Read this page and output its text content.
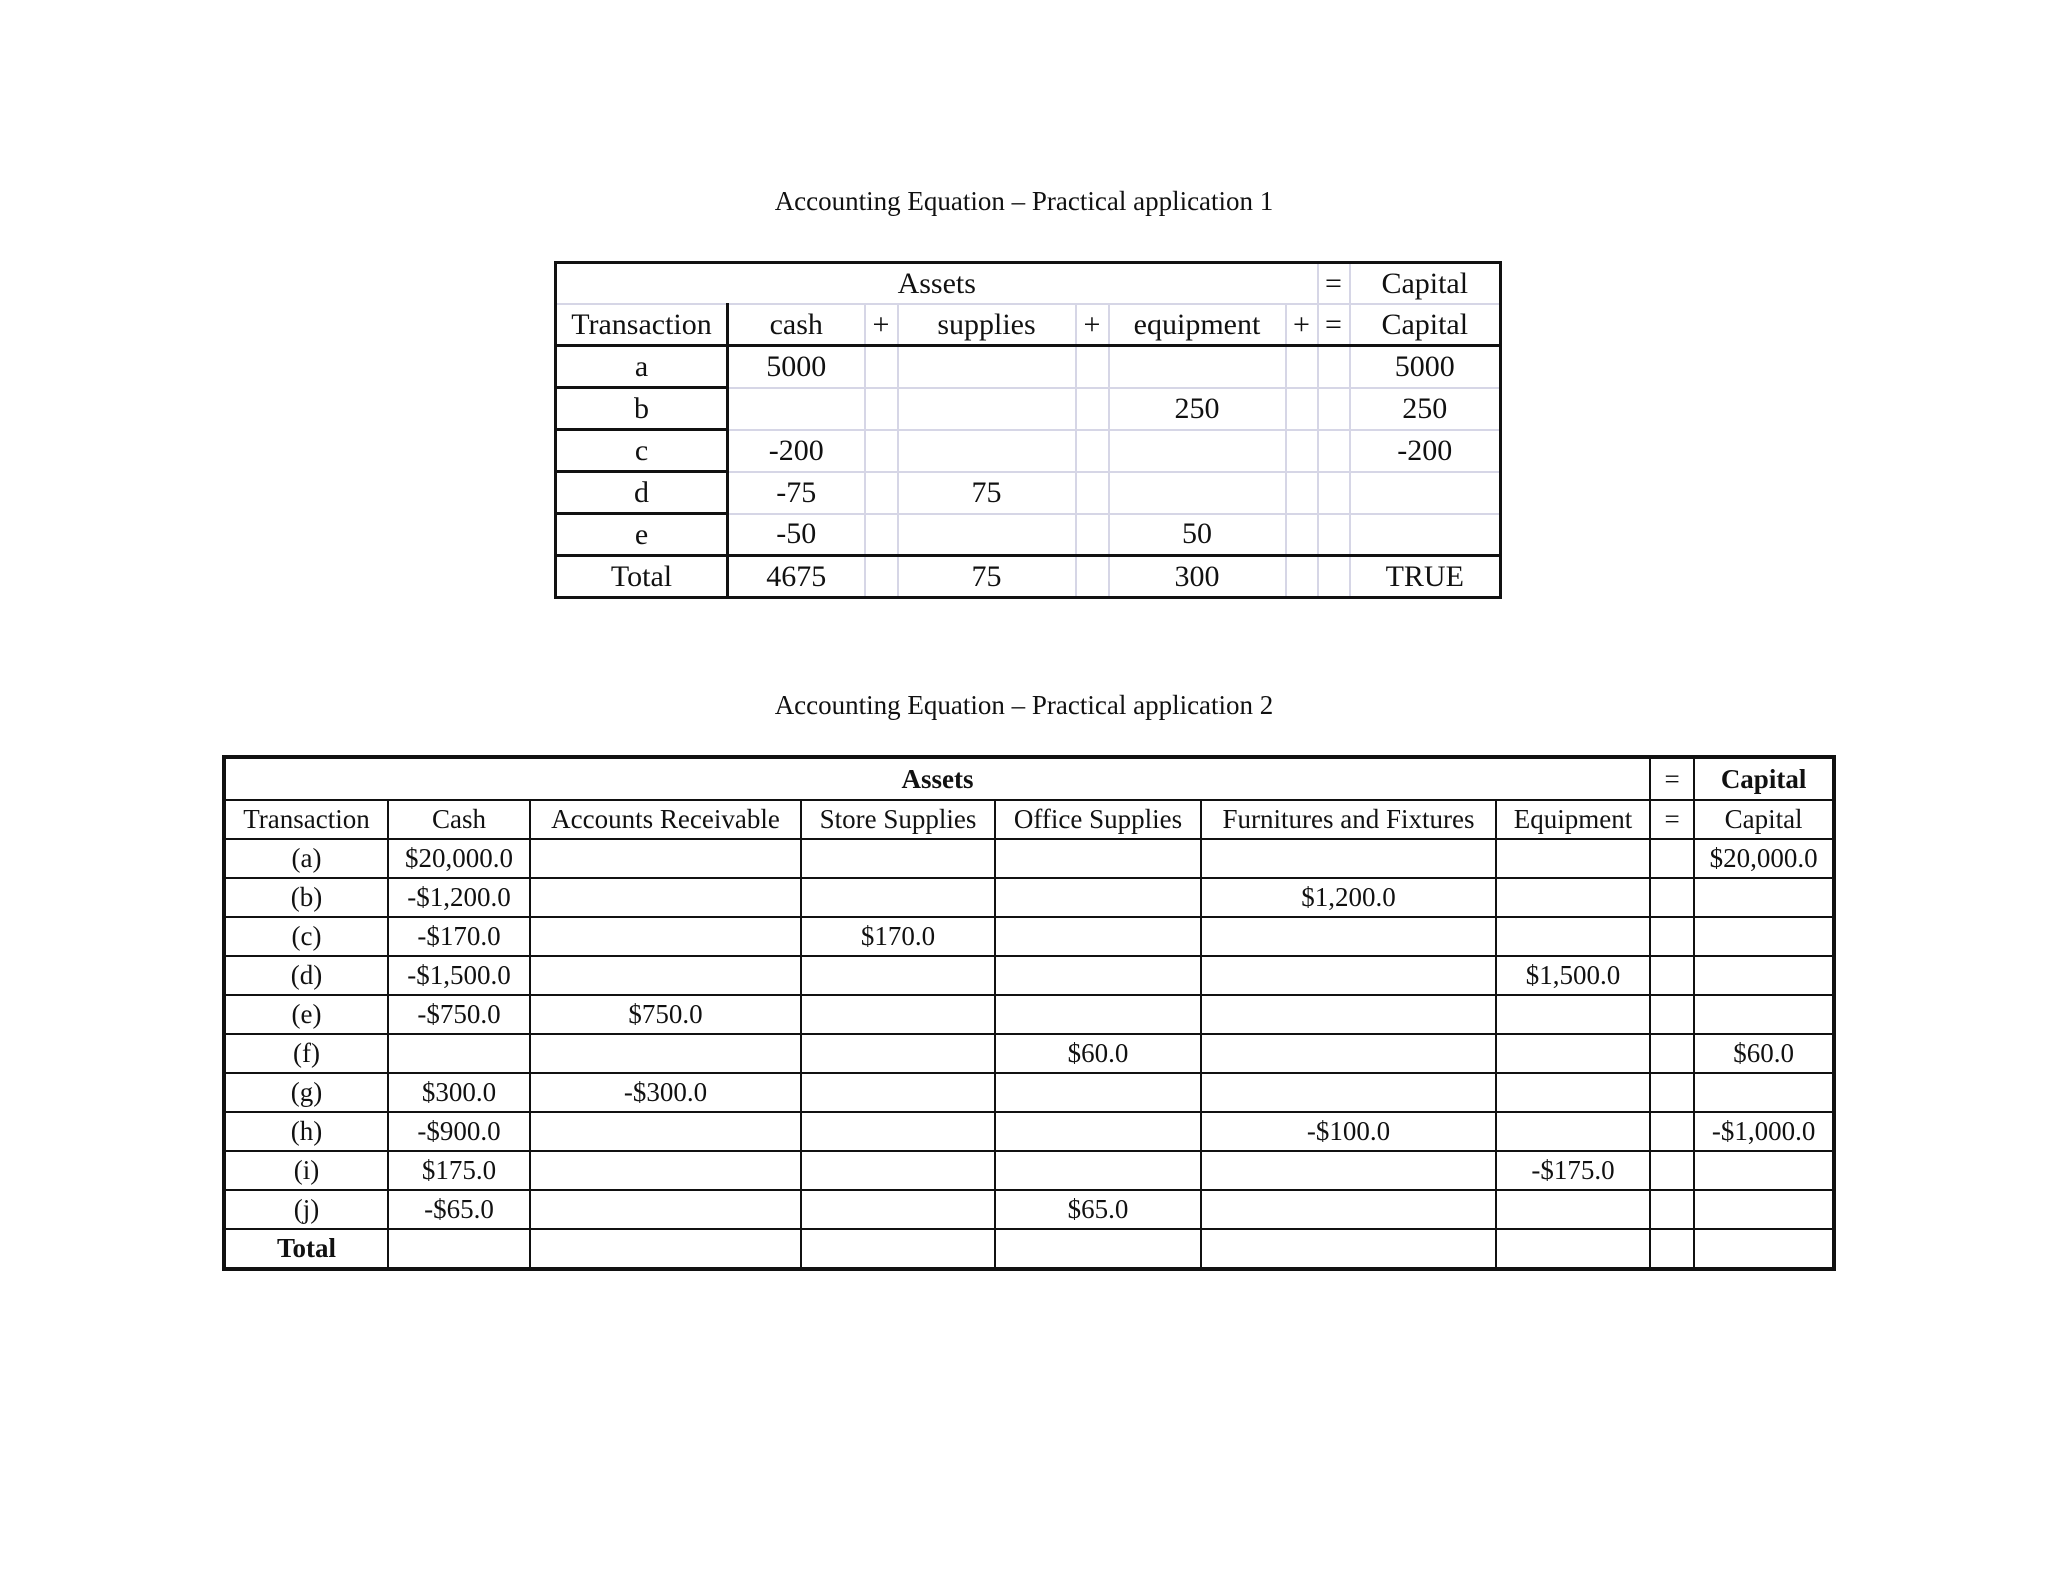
Accounting Equation – Practical application 1
Assets							=	Capital
Transaction	cash	+	supplies	+	equipment	+	=	Capital
a	5000							5000
b					250			250
c	-200							-200
d	-75		75					
e	-50				50			
Total	4675		75		300			TRUE
Accounting Equation – Practical application 2
Assets							=	Capital
Transaction	Cash	Accounts Receivable	Store Supplies	Office Supplies	Furnitures and Fixtures	Equipment	=	Capital
(a)	$20,000.0							$20,000.0
(b)	-$1,200.0				$1,200.0			
(c)	-$170.0		$170.0					
(d)	-$1,500.0					$1,500.0		
(e)	-$750.0	$750.0						
(f)				$60.0				$60.0
(g)	$300.0	-$300.0						
(h)	-$900.0				-$100.0			-$1,000.0
(i)	$175.0					-$175.0		
(j)	-$65.0			$65.0				
Total								
